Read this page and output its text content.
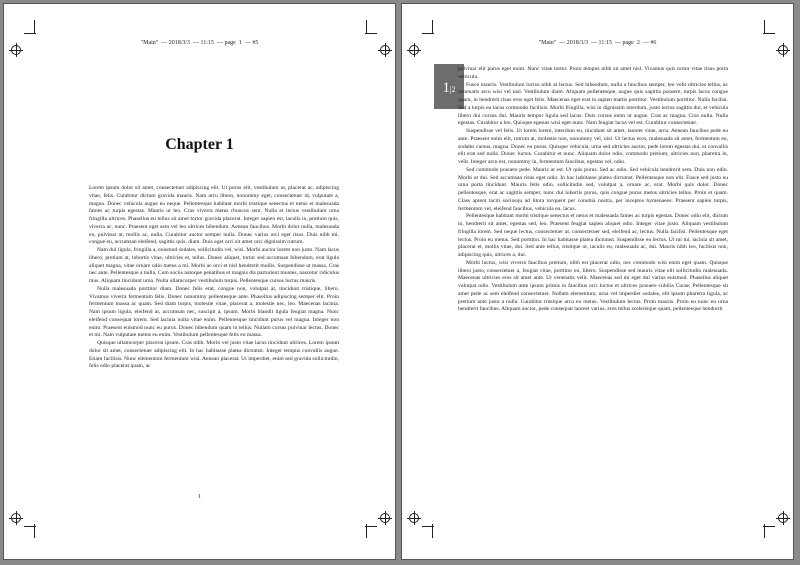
"Main"  — 2018/3/3  — 11:15  — page  1  — #5
Chapter 1

Lorem ipsum dolor sit amet, consectetuer adipiscing elit. Ut purus elit, vestibulum ut, placerat ac, adipiscing vitae, felis. Curabitur dictum gravida mauris. Nam arcu libero, nonummy eget, consectetuer id, vulputate a, magna. Donec vehicula augue eu neque. Pellentesque habitant morbi tristique senectus et netus et malesuada fames ac turpis egestas. Mauris ut leo. Cras viverra metus rhoncus sem. Nulla et lectus vestibulum urna fringilla ultrices. Phasellus eu tellus sit amet tortor gravida placerat. Integer sapien est, iaculis in, pretium quis, viverra ac, nunc. Praesent eget sem vel leo ultrices bibendum. Aenean faucibus. Morbi dolor nulla, malesuada eu, pulvinar at, mollis ac, nulla. Curabitur auctor semper nulla. Donec varius orci eget risus. Duis nibh mi, congue eu, accumsan eleifend, sagittis quis, diam. Duis eget orci sit amet orci dignissim rutrum.

Nam dui ligula, fringilla a, euismod sodales, sollicitudin vel, wisi. Morbi auctor lorem non justo. Nam lacus libero, pretium at, lobortis vitae, ultricies et, tellus. Donec aliquet, tortor sed accumsan bibendum, erat ligula aliquet magna, vitae ornare odio metus a mi. Morbi ac orci et nisl hendrerit mollis. Suspendisse ut massa. Cras nec ante. Pellentesque a nulla. Cum sociis natoque penatibus et magnis dis parturient montes, nascetur ridiculus mus. Aliquam tincidunt urna. Nulla ullamcorper vestibulum turpis. Pellentesque cursus luctus mauris.

Nulla malesuada porttitor diam. Donec felis erat, congue non, volutpat at, tincidunt tristique, libero. Vivamus viverra fermentum felis. Donec nonummy pellentesque ante. Phasellus adipiscing semper elit. Proin fermentum massa ac quam. Sed diam turpis, molestie vitae, placerat a, molestie nec, leo. Maecenas lacinia. Nam ipsum ligula, eleifend at, accumsan nec, suscipit a, ipsum. Morbi blandit ligula feugiat magna. Nunc eleifend consequat lorem. Sed lacinia nulla vitae enim. Pellentesque tincidunt purus vel magna. Integer non enim. Praesent euismod nunc eu purus. Donec bibendum quam in tellus. Nullam cursus pulvinar lectus. Donec et mi. Nam vulputate metus eu enim. Vestibulum pellentesque felis eu massa.

Quisque ullamcorper placerat ipsum. Cras nibh. Morbi vel justo vitae lacus tincidunt ultrices. Lorem ipsum dolor sit amet, consectetuer adipiscing elit. In hac habitasse platea dictumst. Integer tempus convallis augue. Etiam facilisis. Nunc elementum fermentum wisi. Aenean placerat. Ut imperdiet, enim sed gravida sollicitudin, felis odio placerat quam, ac

1
"Main"  — 2018/3/3  — 11:15  — page  2  — #6
1|2

pulvinar elit purus eget enim. Nunc vitae tortor. Proin tempus nibh sit amet nisl. Vivamus quis tortor vitae risus porta vehicula.

Fusce mauris. Vestibulum luctus nibh at lectus. Sed bibendum, nulla a faucibus semper, leo velit ultricies tellus, ac venenatis arcu wisi vel nisl. Vestibulum diam. Aliquam pellentesque, augue quis sagittis posuere, turpis lacus congue quam, in hendrerit risus eros eget felis. Maecenas eget erat in sapien mattis porttitor. Vestibulum porttitor. Nulla facilisi. Sed a turpis eu lacus commodo facilisis. Morbi fringilla, wisi in dignissim interdum, justo lectus sagittis dui, et vehicula libero dui cursus dui. Mauris tempor ligula sed lacus. Duis cursus enim ut augue. Cras ac magna. Cras nulla. Nulla egestas. Curabitur a leo. Quisque egestas wisi eget nunc. Nam feugiat lacus vel est. Curabitur consectetuer.

Suspendisse vel felis. Ut lorem lorem, interdum eu, tincidunt sit amet, laoreet vitae, arcu. Aenean faucibus pede eu ante. Praesent enim elit, rutrum at, molestie non, nonummy vel, nisl. Ut lectus eros, malesuada sit amet, fermentum eu, sodales cursus, magna. Donec eu purus. Quisque vehicula, urna sed ultricies auctor, pede lorem egestas dui, et convallis elit erat sed nulla. Donec luctus. Curabitur et nunc. Aliquam dolor odio, commodo pretium, ultricies non, pharetra in, velit. Integer arcu est, nonummy in, fermentum faucibus, egestas vel, odio.

Sed commodo posuere pede. Mauris ut est. Ut quis purus. Sed ac odio. Sed vehicula hendrerit sem. Duis non odio. Morbi ut dui. Sed accumsan risus eget odio. In hac habitasse platea dictumst. Pellentesque non elit. Fusce sed justo eu urna porta tincidunt. Mauris felis odio, sollicitudin sed, volutpat a, ornare ac, erat. Morbi quis dolor. Donec pellentesque, erat ac sagittis semper, nunc dui lobortis purus, quis congue purus metus ultricies tellus. Proin et quam. Class aptent taciti sociosqu ad litora torquent per conubia nostra, per inceptos hymenaeos. Praesent sapien turpis, fermentum vel, eleifend faucibus, vehicula eu, lacus.

Pellentesque habitant morbi tristique senectus et netus et malesuada fames ac turpis egestas. Donec odio elit, dictum in, hendrerit sit amet, egestas sed, leo. Praesent feugiat sapien aliquet odio. Integer vitae justo. Aliquam vestibulum fringilla lorem. Sed neque lectus, consectetuer at, consectetuer sed, eleifend ac, lectus. Nulla facilisi. Pellentesque eget lectus. Proin eu metus. Sed porttitor. In hac habitasse platea dictumst. Suspendisse eu lectus. Ut mi mi, lacinia sit amet, placerat et, mollis vitae, dui. Sed ante tellus, tristique ut, iaculis eu, malesuada ac, dui. Mauris nibh leo, facilisis non, adipiscing quis, ultrices a, dui.

Morbi luctus, wisi viverra faucibus pretium, nibh est placerat odio, nec commodo wisi enim eget quam. Quisque libero justo, consectetuer a, feugiat vitae, porttitor eu, libero. Suspendisse sed mauris vitae elit sollicitudin malesuada. Maecenas ultricies eros sit amet ante. Ut venenatis velit. Maecenas sed mi eget dui varius euismod. Phasellus aliquet volutpat odio. Vestibulum ante ipsum primis in faucibus orci luctus et ultrices posuere cubilia Curae; Pellentesque sit amet pede ac sem eleifend consectetuer. Nullam elementum, urna vel imperdiet sodales, elit ipsum pharetra ligula, ac pretium ante justo a nulla. Curabitur tristique arcu eu metus. Vestibulum lectus. Proin mauris. Proin eu nunc eu urna hendrerit faucibus. Aliquam auctor, pede consequat laoreet varius, eros tellus scelerisque quam, pellentesque hendrerit
